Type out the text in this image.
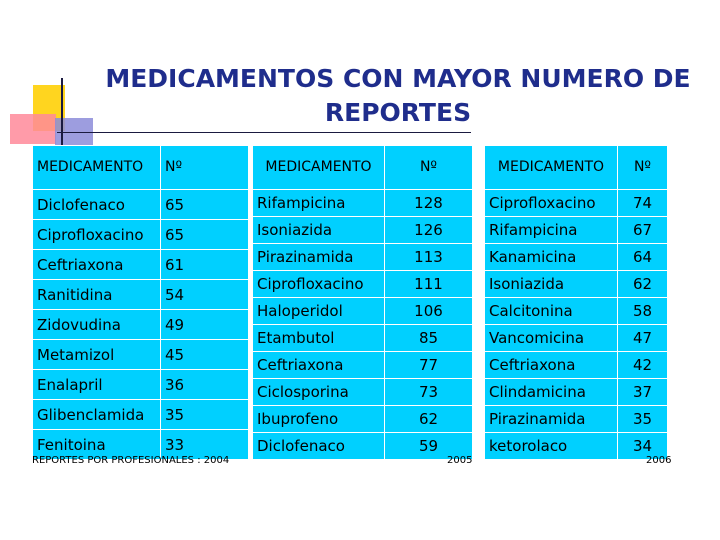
MEDICAMENTOS CON MAYOR NUMERO DE REPORTES
MEDICAMENTO	Nº
Diclofenaco	65
Ciprofloxacino	65
Ceftriaxona	61
Ranitidina	54
Zidovudina	49
Metamizol	45
Enalapril	36
Glibenclamida	35
Fenitoina	33
MEDICAMENTO	Nº
Rifampicina	128
Isoniazida	126
Pirazinamida	113
Ciprofloxacino	111
Haloperidol	106
Etambutol	85
Ceftriaxona	77
Ciclosporina	73
Ibuprofeno	62
Diclofenaco	59
MEDICAMENTO	Nº
Ciprofloxacino	74
Rifampicina	67
Kanamicina	64
Isoniazida	62
Calcitonina	58
Vancomicina	47
Ceftriaxona	42
Clindamicina	37
Pirazinamida	35
ketorolaco	34
REPORTES POR PROFESIONALES : 2004	2005	2006
